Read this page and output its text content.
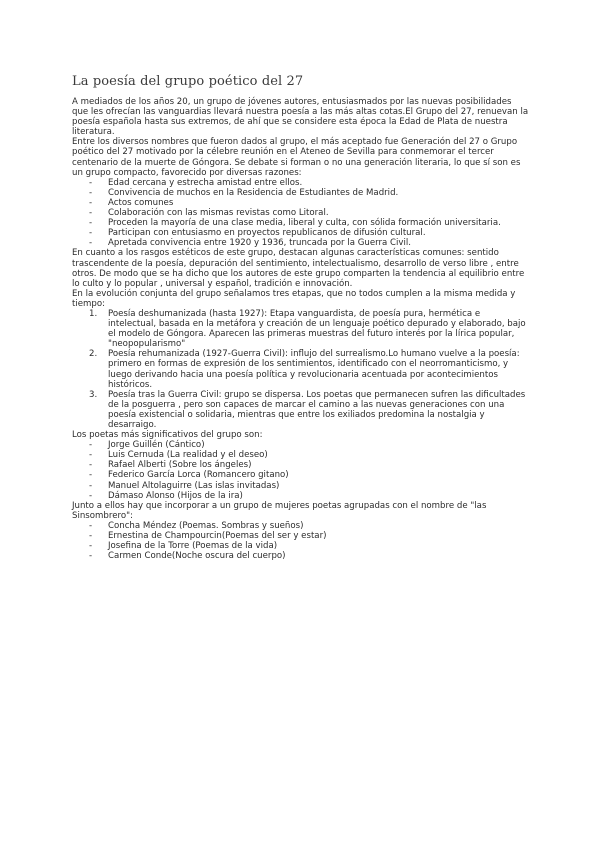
La poesía del grupo poético del 27

A mediados de los años 20, un grupo de jóvenes autores, entusiasmados por las nuevas posibilidades que les ofrecían las vanguardias llevará nuestra poesía a las más altas cotas.El Grupo del 27, renuevan la poesía española hasta sus extremos, de ahí que se considere esta época la Edad de Plata de nuestra literatura.

Entre los diversos nombres que fueron dados al grupo, el más aceptado fue Generación del 27 o Grupo poético del 27 motivado por la célebre reunión en el Ateneo de Sevilla para conmemorar el tercer centenario de la muerte de Góngora. Se debate si forman o no una generación literaria, lo que sí son es un grupo compacto, favorecido por diversas razones:

- Edad cercana y estrecha amistad entre ellos.
- Convivencia de muchos en la Residencia de Estudiantes de Madrid.
- Actos comunes
- Colaboración con las mismas revistas como Litoral.
- Proceden la mayoría de una clase media, liberal y culta, con sólida formación universitaria.
- Participan con entusiasmo en proyectos republicanos de difusión cultural.
- Apretada convivencia entre 1920 y 1936, truncada por la Guerra Civil.

En cuanto a los rasgos estéticos de este grupo, destacan algunas características comunes: sentido trascendente de la poesía, depuración del sentimiento, intelectualismo, desarrollo de verso libre , entre otros. De modo que se ha dicho que los autores de este grupo comparten la tendencia al equilibrio entre lo culto y lo popular , universal y español, tradición e innovación.

En la evolución conjunta del grupo señalamos tres etapas, que no todos cumplen a la misma medida y tiempo:

1. Poesía deshumanizada (hasta 1927): Etapa vanguardista, de poesía pura, hermética e intelectual, basada en la metáfora y creación de un lenguaje poético depurado y elaborado, bajo el modelo de Góngora. Aparecen las primeras muestras del futuro interés por la lírica popular, "neopopularismo"
2. Poesía rehumanizada (1927-Guerra Civil): influjo del surrealismo.Lo humano vuelve a la poesía: primero en formas de expresión de los sentimientos, identificado con el neorromanticismo, y luego derivando hacia una poesía política y revolucionaria acentuada por acontecimientos históricos.
3. Poesía tras la Guerra Civil: grupo se dispersa. Los poetas que permanecen sufren las dificultades de la posguerra , pero son capaces de marcar el camino a las nuevas generaciones con una poesía existencial o solidaria, mientras que entre los exiliados predomina la nostalgia y desarraigo.

Los poetas más significativos del grupo son:

- Jorge Guillén (Cántico)
- Luis Cernuda (La realidad y el deseo)
- Rafael Alberti (Sobre los ángeles)
- Federico García Lorca (Romancero gitano)
- Manuel Altolaguirre (Las islas invitadas)
- Dámaso Alonso (Hijos de la ira)

Junto a ellos hay que incorporar a un grupo de mujeres poetas agrupadas con el nombre de "las Sinsombrero":

- Concha Méndez (Poemas. Sombras y sueños)
- Ernestina de Champourcin(Poemas del ser y estar)
- Josefina de la Torre (Poemas de la vida)
- Carmen Conde(Noche oscura del cuerpo)
